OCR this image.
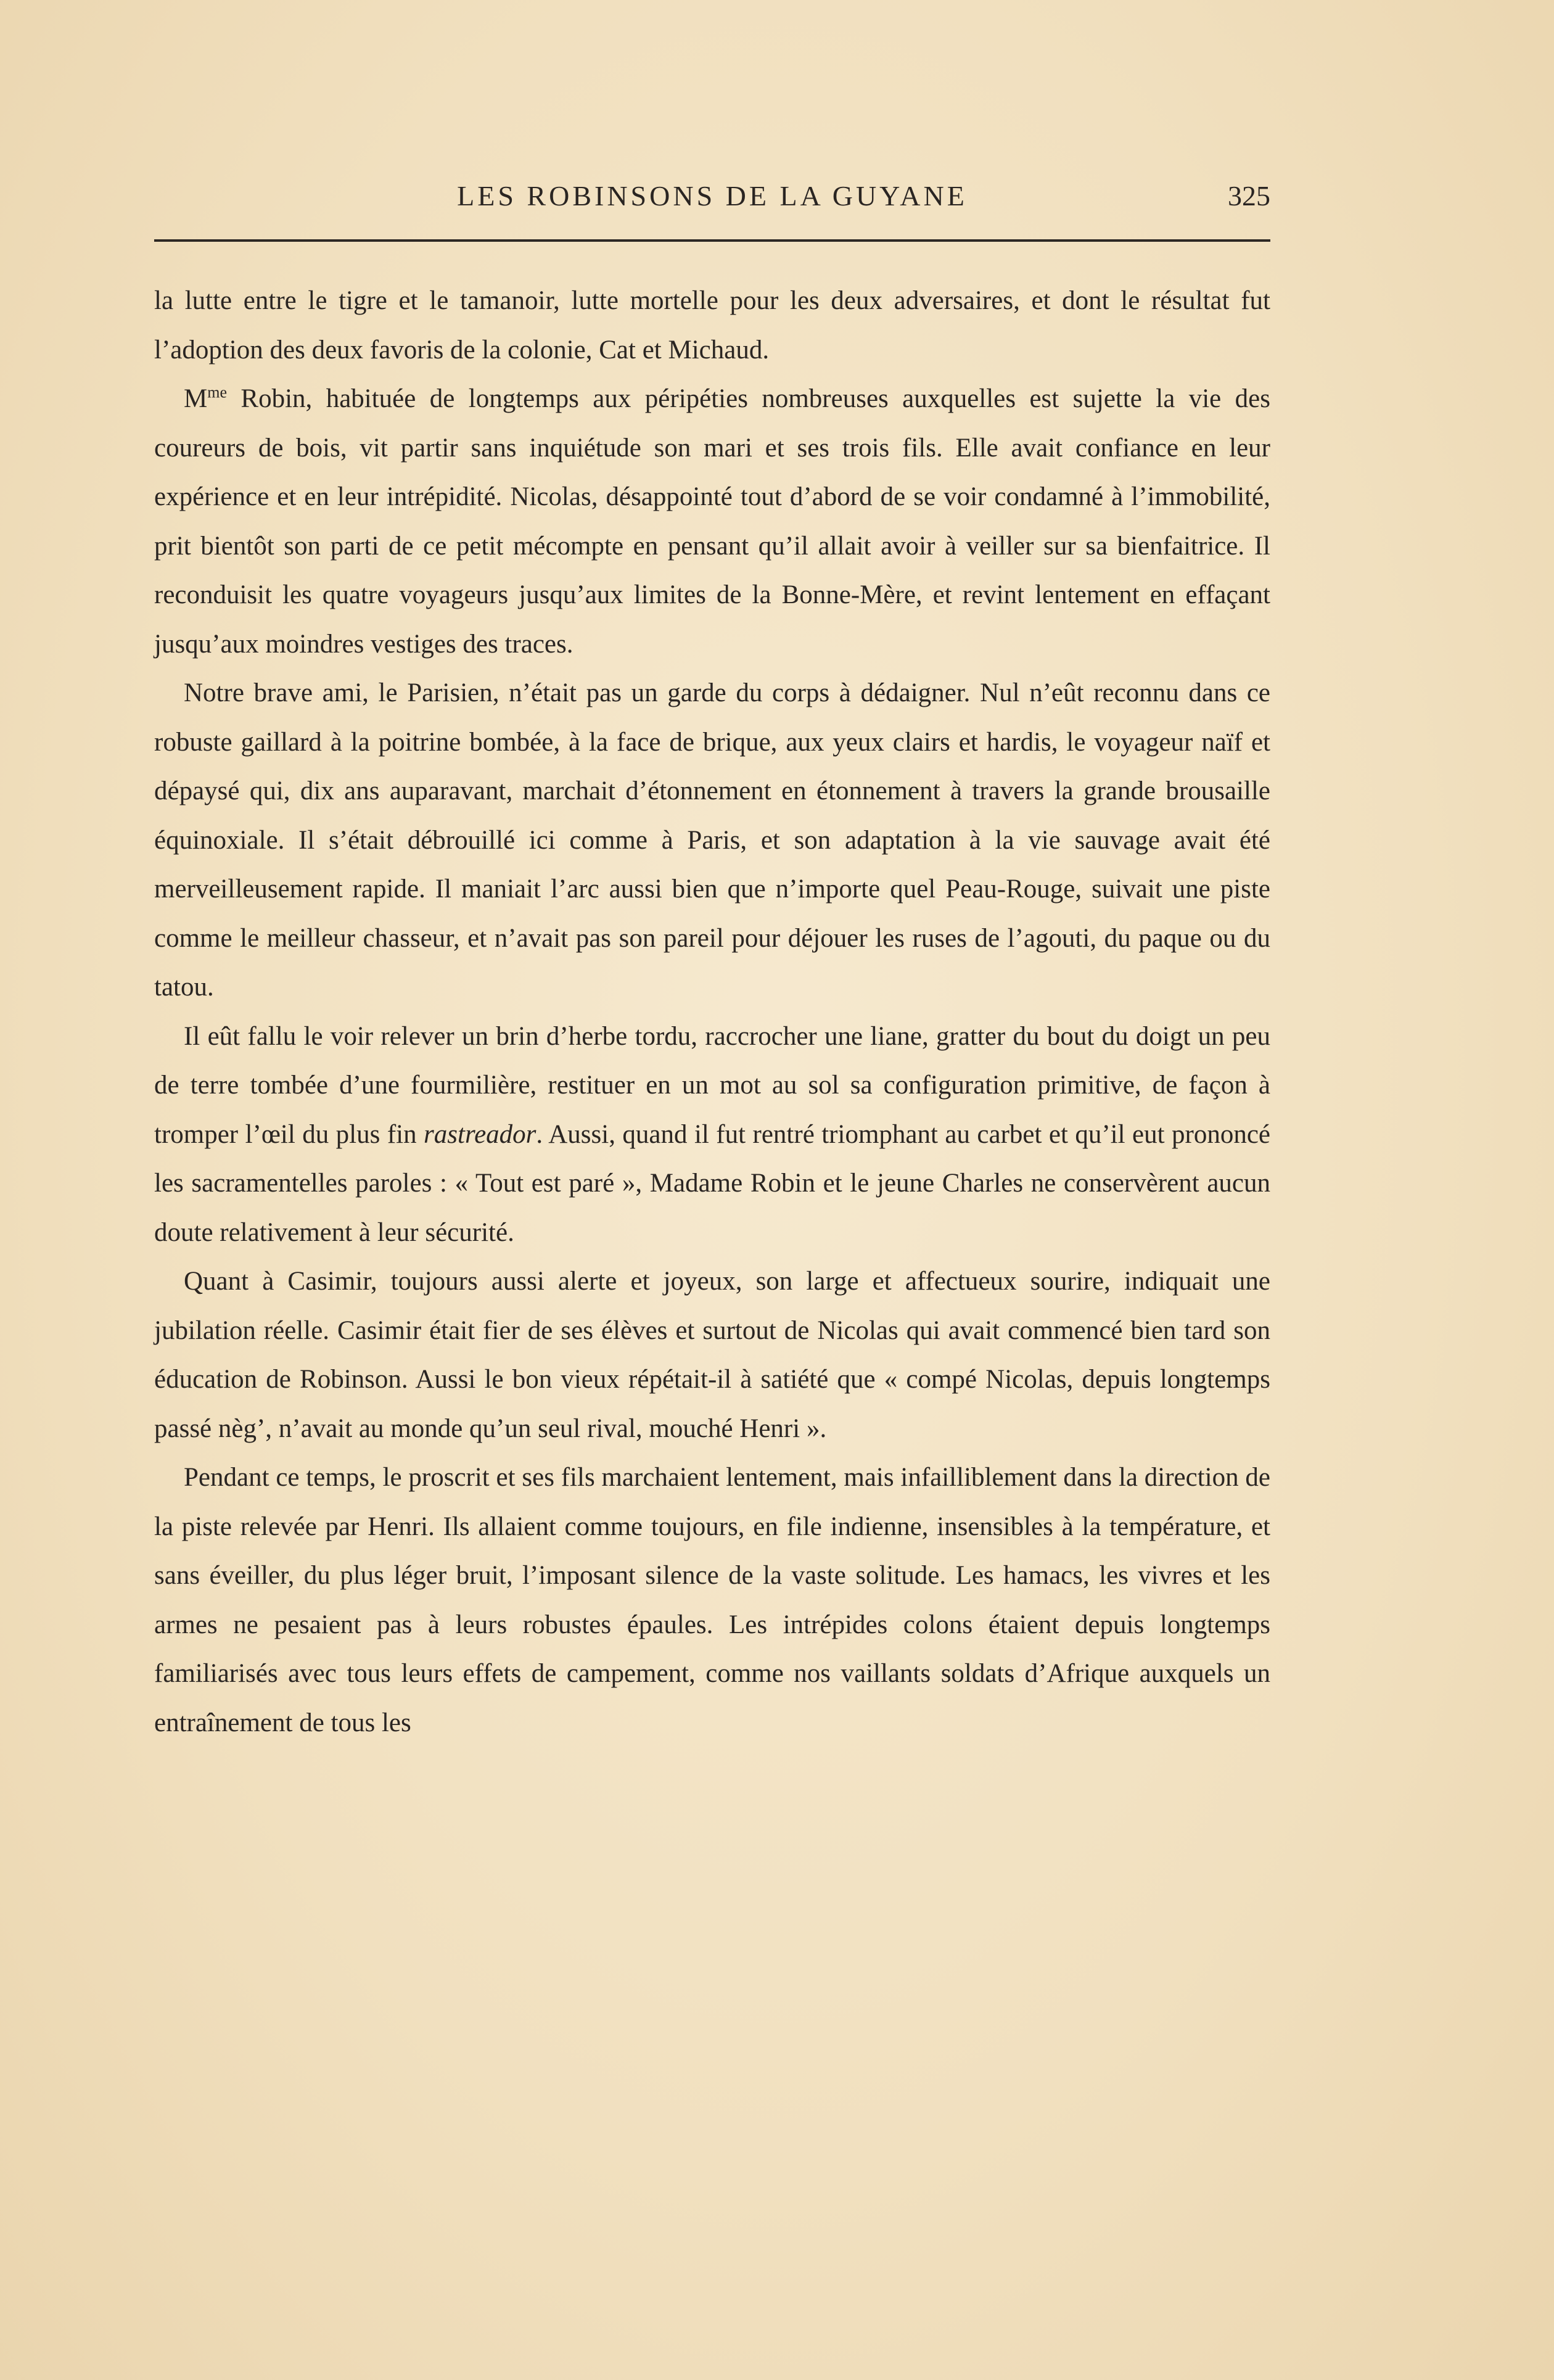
LES ROBINSONS DE LA GUYANE	325

la lutte entre le tigre et le tamanoir, lutte mortelle pour les deux adversaires, et dont le résultat fut l’adoption des deux favoris de la colonie, Cat et Michaud.

$M^{me}$ Robin, habituée de longtemps aux péripéties nombreuses auxquelles est sujette la vie des coureurs de bois, vit partir sans inquiétude son mari et ses trois fils. Elle avait confiance en leur expérience et en leur intrépidité. Nicolas, désappointé tout d’abord de se voir condamné à l’immobilité, prit bientôt son parti de ce petit mécompte en pensant qu’il allait avoir à veiller sur sa bienfaitrice. Il reconduisit les quatre voyageurs jusqu’aux limites de la Bonne-Mère, et revint lentement en effaçant jusqu’aux moindres vestiges des traces.

Notre brave ami, le Parisien, n’était pas un garde du corps à dédaigner. Nul n’eût reconnu dans ce robuste gaillard à la poitrine bombée, à la face de brique, aux yeux clairs et hardis, le voyageur naïf et dépaysé qui, dix ans auparavant, marchait d’étonnement en étonnement à travers la grande brousaille équinoxiale. Il s’était débrouillé ici comme à Paris, et son adaptation à la vie sauvage avait été merveilleusement rapide. Il maniait l’arc aussi bien que n’importe quel Peau-Rouge, suivait une piste comme le meilleur chasseur, et n’avait pas son pareil pour déjouer les ruses de l’agouti, du paque ou du tatou.

Il eût fallu le voir relever un brin d’herbe tordu, raccrocher une liane, gratter du bout du doigt un peu de terre tombée d’une fourmilière, restituer en un mot au sol sa configuration primitive, de façon à tromper l’œil du plus fin rastreador. Aussi, quand il fut rentré triomphant au carbet et qu’il eut prononcé les sacramentelles paroles : « Tout est paré », Madame Robin et le jeune Charles ne conservèrent aucun doute relativement à leur sécurité.

Quant à Casimir, toujours aussi alerte et joyeux, son large et affectueux sourire, indiquait une jubilation réelle. Casimir était fier de ses élèves et surtout de Nicolas qui avait commencé bien tard son éducation de Robinson. Aussi le bon vieux répétait-il à satiété que « compé Nicolas, depuis longtemps passé nèg’, n’avait au monde qu’un seul rival, mouché Henri ».

Pendant ce temps, le proscrit et ses fils marchaient lentement, mais infailliblement dans la direction de la piste relevée par Henri. Ils allaient comme toujours, en file indienne, insensibles à la température, et sans éveiller, du plus léger bruit, l’imposant silence de la vaste solitude. Les hamacs, les vivres et les armes ne pesaient pas à leurs robustes épaules. Les intrépides colons étaient depuis longtemps familiarisés avec tous leurs effets de campement, comme nos vaillants soldats d’Afrique auxquels un entraînement de tous les
